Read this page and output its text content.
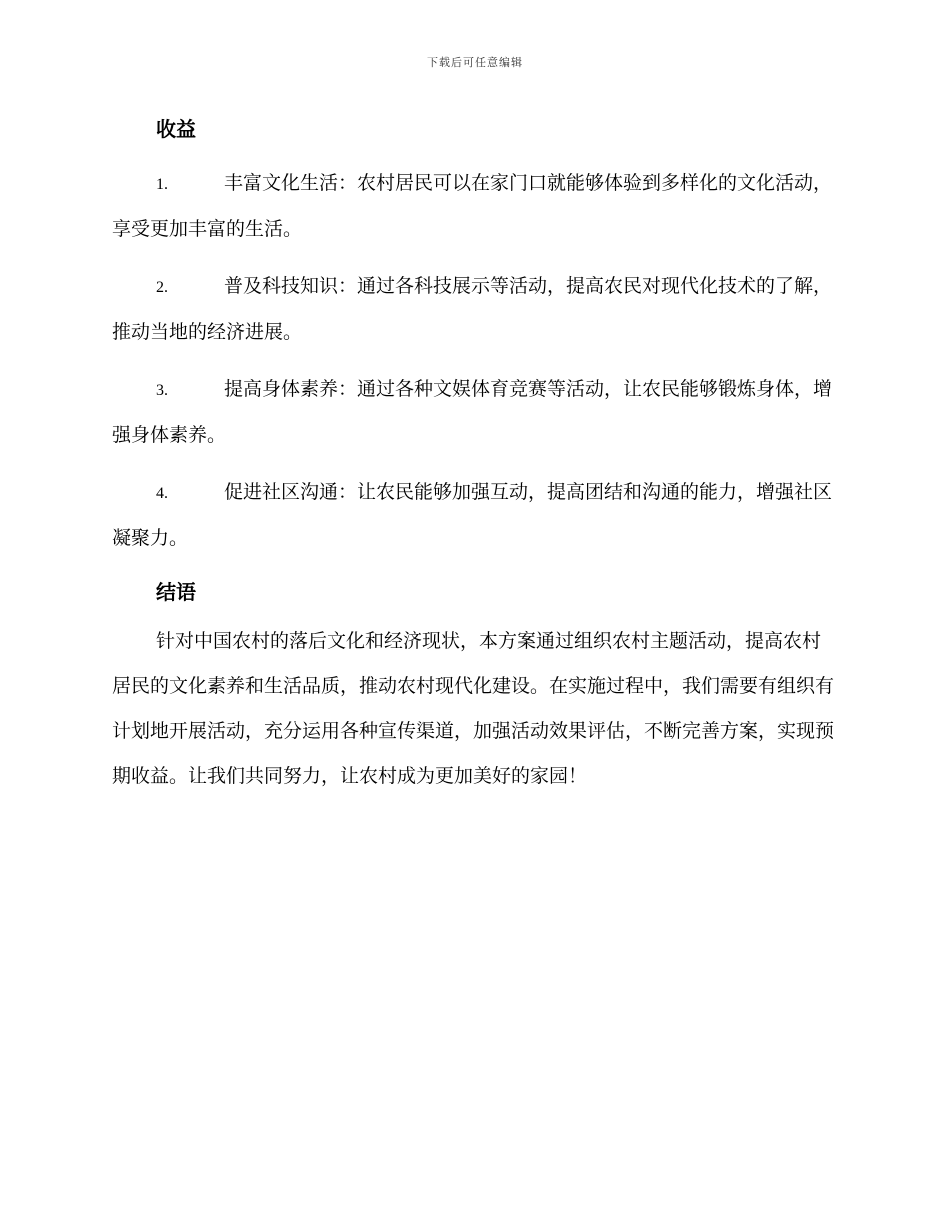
下载后可任意编辑
收益

1.	丰富文化生活：农村居民可以在家门口就能够体验到多样化的文化活动，享受更加丰富的生活。

2.	普及科技知识：通过各科技展示等活动，提高农民对现代化技术的了解，推动当地的经济进展。

3.	提高身体素养：通过各种文娱体育竞赛等活动，让农民能够锻炼身体，增强身体素养。

4.	促进社区沟通：让农民能够加强互动，提高团结和沟通的能力，增强社区凝聚力。

结语

针对中国农村的落后文化和经济现状，本方案通过组织农村主题活动，提高农村居民的文化素养和生活品质，推动农村现代化建设。在实施过程中，我们需要有组织有计划地开展活动，充分运用各种宣传渠道，加强活动效果评估，不断完善方案，实现预期收益。让我们共同努力，让农村成为更加美好的家园！
